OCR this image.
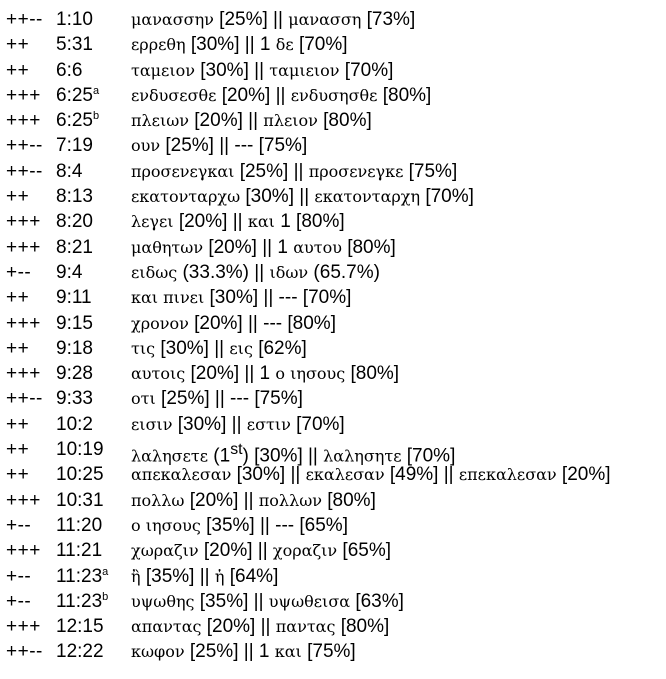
++-- 1:10 μανασσην [25%] || μανασση [73%]
++ 5:31 ερρεθη [30%] || 1 δε [70%]
++ 6:6	ταμειον [30%] || ταμιειον [70%]
+++ $6:25^a$ ενδυσεσθε [20%] || ενδυσησθε [80%]
+++ $6:25^b$ πλειων [20%] || πλειον [80%]
++-- 7:19 ουν [25%] || --- [75%]
++-- 8:4	προσενεγκαι [25%] || προσενεγκε [75%]
++ 8:13 εκατονταρχω [30%] || εκατονταρχη [70%]
+++ 8:20 λεγει [20%] || και 1 [80%]
+++ 8:21 μαθητων [20%] || 1 αυτου [80%]
+-- 9:4	ειδως (33.3%) || ιδων (65.7%)
++ 9:11 και πινει [30%] || --- [70%]
+++ 9:15 χρονον [20%] || --- [80%]
++ 9:18 τις [30%] || εις [62%]
+++ 9:28 αυτοις [20%] || 1 ο ιησους [80%]
++-- 9:33 οτι [25%] || --- [75%]
++ 10:2 εισιν [30%] || εστιν [70%]
++ 10:19 λαλησετε (1st) [30%] || λαλησητε [70%]
++ 10:25 απεκαλεσαν [30%] || εκαλεσαν [49%] || επεκαλεσαν [20%]
+++ 10:31 πολλω [20%] || πολλων [80%]
+-- 11:20 ο ιησους [35%] || --- [65%]
+++ 11:21 χωραζιν [20%] || χοραζιν [65%]
+-- 11:23$^a$ ἢ [35%] || ἡ [64%]
+-- 11:23$^b$ υψωθης [35%] || υψωθεισα [63%]
+++ 12:15 απαντας [20%] || παντας [80%]
++-- 12:22 κωφον [25%] || 1 και [75%]
